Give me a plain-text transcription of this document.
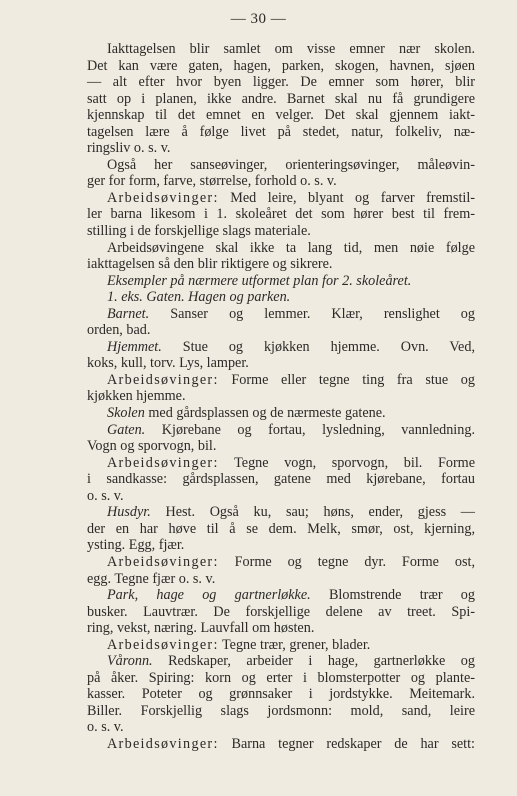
— 30 —
Iakttagelsen blir samlet om visse emner nær skolen.
Det kan være gaten, hagen, parken, skogen, havnen, sjøen
— alt efter hvor byen ligger. De emner som hører, blir
satt op i planen, ikke andre. Barnet skal nu få grundigere
kjennskap til det emnet en velger. Det skal gjennem iakt-
tagelsen lære å følge livet på stedet, natur, folkeliv, næ-
ringsliv o. s. v.
Også her sanseøvinger, orienteringsøvinger, måleøvin-
ger for form, farve, størrelse, forhold o. s. v.
Arbeidsøvinger: Med leire, blyant og farver fremstil-
ler barna likesom i 1. skoleåret det som hører best til frem-
stilling i de forskjellige slags materiale.
Arbeidsøvingene skal ikke ta lang tid, men nøie følge
iakttagelsen så den blir riktigere og sikrere.
Eksempler på nærmere utformet plan for 2. skoleåret.
1. eks. Gaten. Hagen og parken.
Barnet. Sanser og lemmer. Klær, renslighet og
orden, bad.
Hjemmet. Stue og kjøkken hjemme. Ovn. Ved,
koks, kull, torv. Lys, lamper.
Arbeidsøvinger: Forme eller tegne ting fra stue og
kjøkken hjemme.
Skolen med gårdsplassen og de nærmeste gatene.
Gaten. Kjørebane og fortau, lysledning, vannledning.
Vogn og sporvogn, bil.
Arbeidsøvinger: Tegne vogn, sporvogn, bil. Forme
i sandkasse: gårdsplassen, gatene med kjørebane, fortau
o. s. v.
Husdyr. Hest. Også ku, sau; høns, ender, gjess —
der en har høve til å se dem. Melk, smør, ost, kjerning,
ysting. Egg, fjær.
Arbeidsøvinger: Forme og tegne dyr. Forme ost,
egg. Tegne fjær o. s. v.
Park, hage og gartnerløkke. Blomstrende trær og
busker. Lauvtrær. De forskjellige delene av treet. Spi-
ring, vekst, næring. Lauvfall om høsten.
Arbeidsøvinger: Tegne trær, grener, blader.
Våronn. Redskaper, arbeider i hage, gartnerløkke og
på åker. Spiring: korn og erter i blomsterpotter og plante-
kasser. Poteter og grønnsaker i jordstykke. Meitemark.
Biller. Forskjellig slags jordsmonn: mold, sand, leire
o. s. v.
Arbeidsøvinger: Barna tegner redskaper de har sett:
